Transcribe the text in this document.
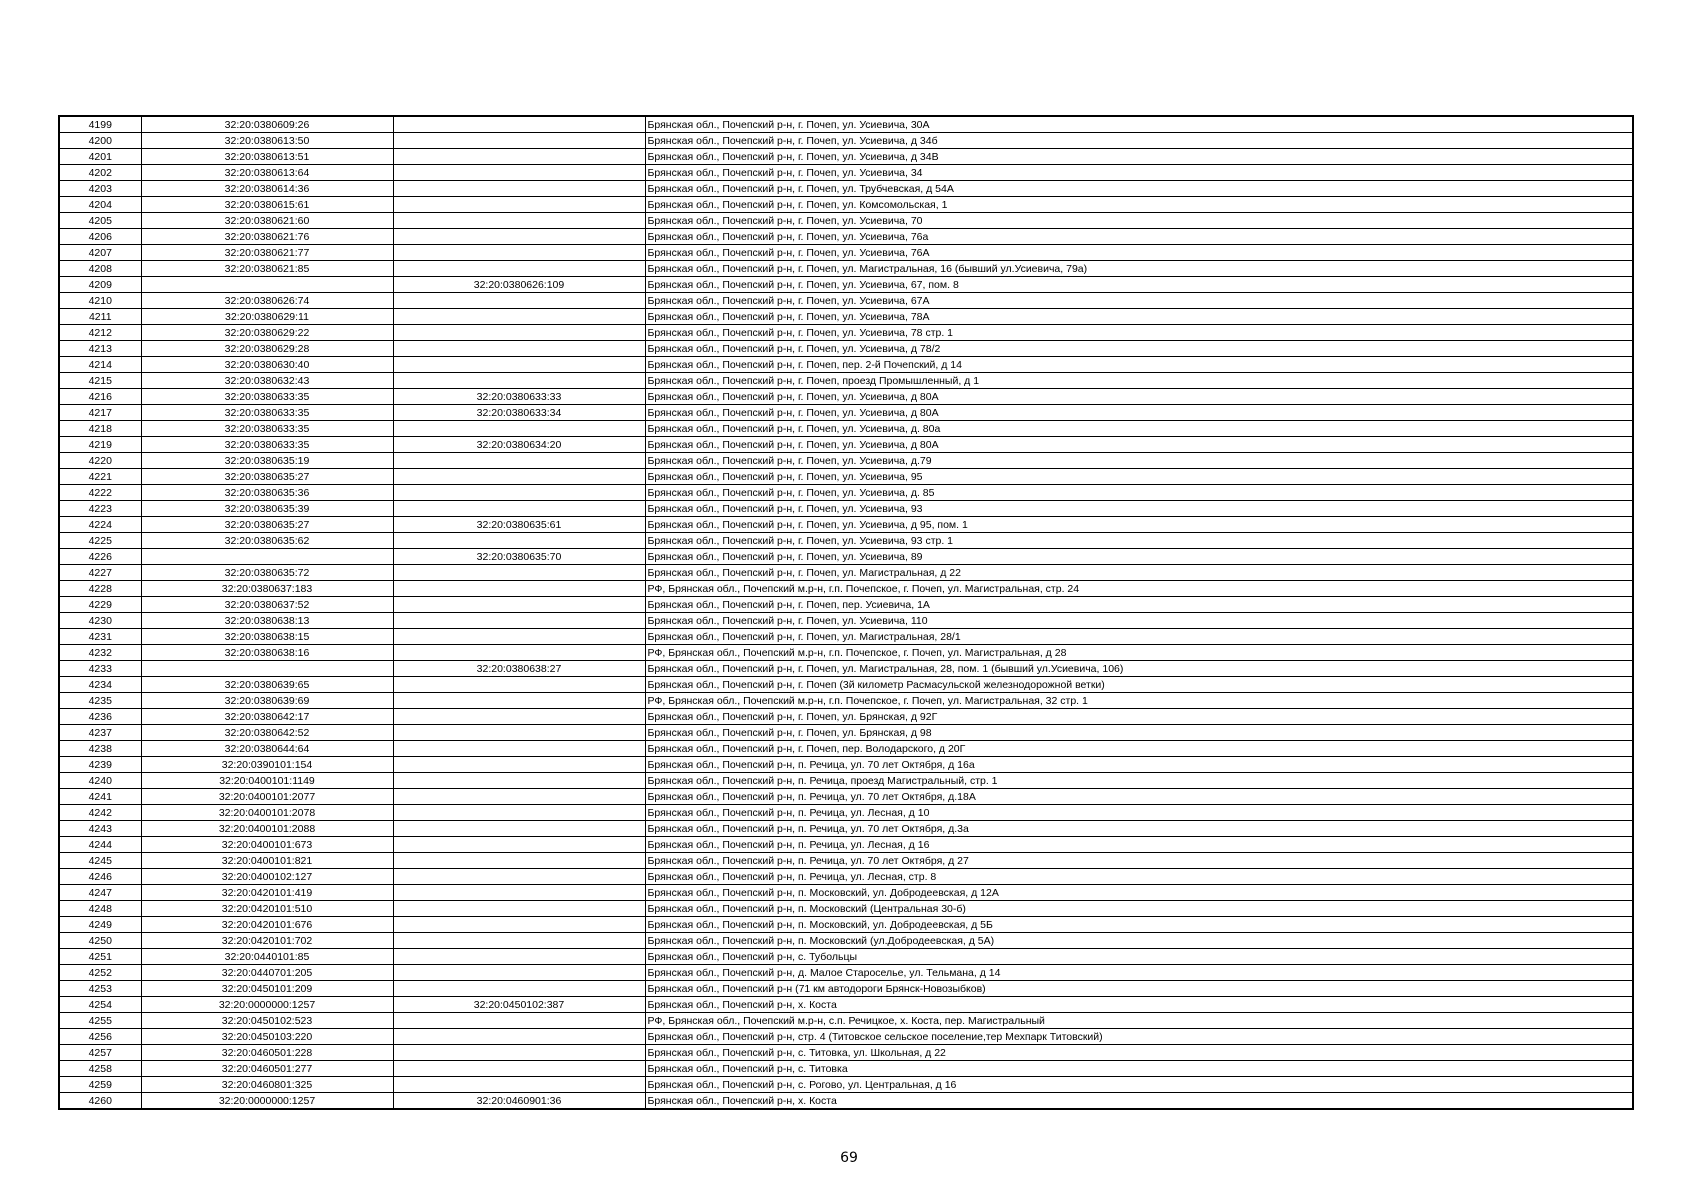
4199	32:20:0380609:26		Брянская обл., Почепский р-н, г. Почеп, ул. Усиевича, 30А
4200	32:20:0380613:50		Брянская обл., Почепский р-н, г. Почеп, ул. Усиевича, д 34б
4201	32:20:0380613:51		Брянская обл., Почепский р-н, г. Почеп, ул. Усиевича, д 34В
4202	32:20:0380613:64		Брянская обл., Почепский р-н, г. Почеп, ул. Усиевича, 34
4203	32:20:0380614:36		Брянская обл., Почепский р-н, г. Почеп, ул. Трубчевская, д 54А
4204	32:20:0380615:61		Брянская обл., Почепский р-н, г. Почеп, ул. Комсомольская, 1
4205	32:20:0380621:60		Брянская обл., Почепский р-н, г. Почеп, ул. Усиевича, 70
4206	32:20:0380621:76		Брянская обл., Почепский р-н, г. Почеп, ул. Усиевича, 76а
4207	32:20:0380621:77		Брянская обл., Почепский р-н, г. Почеп, ул. Усиевича, 76А
4208	32:20:0380621:85		Брянская обл., Почепский р-н, г. Почеп, ул. Магистральная, 16 (бывший ул.Усиевича, 79а)
4209		32:20:0380626:109	Брянская обл., Почепский р-н, г. Почеп, ул. Усиевича, 67, пом. 8
4210	32:20:0380626:74		Брянская обл., Почепский р-н, г. Почеп, ул. Усиевича, 67А
4211	32:20:0380629:11		Брянская обл., Почепский р-н, г. Почеп, ул. Усиевича, 78А
4212	32:20:0380629:22		Брянская обл., Почепский р-н, г. Почеп, ул. Усиевича, 78 стр. 1
4213	32:20:0380629:28		Брянская обл., Почепский р-н, г. Почеп, ул. Усиевича, д 78/2
4214	32:20:0380630:40		Брянская обл., Почепский р-н, г. Почеп, пер. 2-й Почепский, д 14
4215	32:20:0380632:43		Брянская обл., Почепский р-н, г. Почеп, проезд Промышленный, д 1
4216	32:20:0380633:35	32:20:0380633:33	Брянская обл., Почепский р-н, г. Почеп, ул. Усиевича, д 80А
4217	32:20:0380633:35	32:20:0380633:34	Брянская обл., Почепский р-н, г. Почеп, ул. Усиевича, д 80А
4218	32:20:0380633:35		Брянская обл., Почепский р-н, г. Почеп, ул. Усиевича, д. 80а
4219	32:20:0380633:35	32:20:0380634:20	Брянская обл., Почепский р-н, г. Почеп, ул. Усиевича, д 80А
4220	32:20:0380635:19		Брянская обл., Почепский р-н, г. Почеп, ул. Усиевича, д.79
4221	32:20:0380635:27		Брянская обл., Почепский р-н, г. Почеп, ул. Усиевича, 95
4222	32:20:0380635:36		Брянская обл., Почепский р-н, г. Почеп, ул. Усиевича, д. 85
4223	32:20:0380635:39		Брянская обл., Почепский р-н, г. Почеп, ул. Усиевича, 93
4224	32:20:0380635:27	32:20:0380635:61	Брянская обл., Почепский р-н, г. Почеп, ул. Усиевича, д 95, пом. 1
4225	32:20:0380635:62		Брянская обл., Почепский р-н, г. Почеп, ул. Усиевича, 93 стр. 1
4226		32:20:0380635:70	Брянская обл., Почепский р-н, г. Почеп, ул. Усиевича, 89
4227	32:20:0380635:72		Брянская обл., Почепский р-н, г. Почеп, ул. Магистральная, д 22
4228	32:20:0380637:183		РФ, Брянская обл., Почепский м.р-н, г.п. Почепское, г. Почеп, ул. Магистральная, стр. 24
4229	32:20:0380637:52		Брянская обл., Почепский р-н, г. Почеп, пер. Усиевича, 1А
4230	32:20:0380638:13		Брянская обл., Почепский р-н, г. Почеп, ул. Усиевича, 110
4231	32:20:0380638:15		Брянская обл., Почепский р-н, г. Почеп, ул. Магистральная, 28/1
4232	32:20:0380638:16		РФ, Брянская обл., Почепский м.р-н, г.п. Почепское, г. Почеп, ул. Магистральная, д 28
4233		32:20:0380638:27	Брянская обл., Почепский р-н, г. Почеп, ул. Магистральная, 28, пом. 1 (бывший ул.Усиевича, 106)
4234	32:20:0380639:65		Брянская обл., Почепский р-н, г. Почеп (3й километр Расмасульской железнодорожной ветки)
4235	32:20:0380639:69		РФ, Брянская обл., Почепский м.р-н, г.п. Почепское, г. Почеп, ул. Магистральная, 32 стр. 1
4236	32:20:0380642:17		Брянская обл., Почепский р-н, г. Почеп, ул. Брянская, д 92Г
4237	32:20:0380642:52		Брянская обл., Почепский р-н, г. Почеп, ул. Брянская, д 98
4238	32:20:0380644:64		Брянская обл., Почепский р-н, г. Почеп, пер. Володарского, д 20Г
4239	32:20:0390101:154		Брянская обл., Почепский р-н, п. Речица, ул. 70 лет Октября, д 16а
4240	32:20:0400101:1149		Брянская обл., Почепский р-н, п. Речица, проезд Магистральный, стр. 1
4241	32:20:0400101:2077		Брянская обл., Почепский р-н, п. Речица, ул. 70 лет Октября, д.18А
4242	32:20:0400101:2078		Брянская обл., Почепский р-н, п. Речица, ул. Лесная, д 10
4243	32:20:0400101:2088		Брянская обл., Почепский р-н, п. Речица, ул. 70 лет Октября, д.3а
4244	32:20:0400101:673		Брянская обл., Почепский р-н, п. Речица, ул. Лесная, д 16
4245	32:20:0400101:821		Брянская обл., Почепский р-н, п. Речица, ул. 70 лет Октября, д 27
4246	32:20:0400102:127		Брянская обл., Почепский р-н, п. Речица, ул. Лесная, стр. 8
4247	32:20:0420101:419		Брянская обл., Почепский р-н, п. Московский, ул. Добродеевская, д 12А
4248	32:20:0420101:510		Брянская обл., Почепский р-н, п. Московский (Центральная 30-б)
4249	32:20:0420101:676		Брянская обл., Почепский р-н, п. Московский, ул. Добродеевская, д 5Б
4250	32:20:0420101:702		Брянская обл., Почепский р-н, п. Московский (ул.Добродеевская, д 5А)
4251	32:20:0440101:85		Брянская обл., Почепский р-н, с. Тубольцы
4252	32:20:0440701:205		Брянская обл., Почепский р-н, д. Малое Староселье, ул. Тельмана, д 14
4253	32:20:0450101:209		Брянская обл., Почепский р-н (71 км автодороги Брянск-Новозыбков)
4254	32:20:0000000:1257	32:20:0450102:387	Брянская обл., Почепский р-н, х. Коста
4255	32:20:0450102:523		РФ, Брянская обл., Почепский м.р-н, с.п. Речицкое, х. Коста, пер. Магистральный
4256	32:20:0450103:220		Брянская обл., Почепский р-н, стр. 4 (Титовское сельское поселение,тер Мехпарк Титовский)
4257	32:20:0460501:228		Брянская обл., Почепский р-н, с. Титовка, ул. Школьная, д 22
4258	32:20:0460501:277		Брянская обл., Почепский р-н, с. Титовка
4259	32:20:0460801:325		Брянская обл., Почепский р-н, с. Рогово, ул. Центральная, д 16
4260	32:20:0000000:1257	32:20:0460901:36	Брянская обл., Почепский р-н, х. Коста
69
